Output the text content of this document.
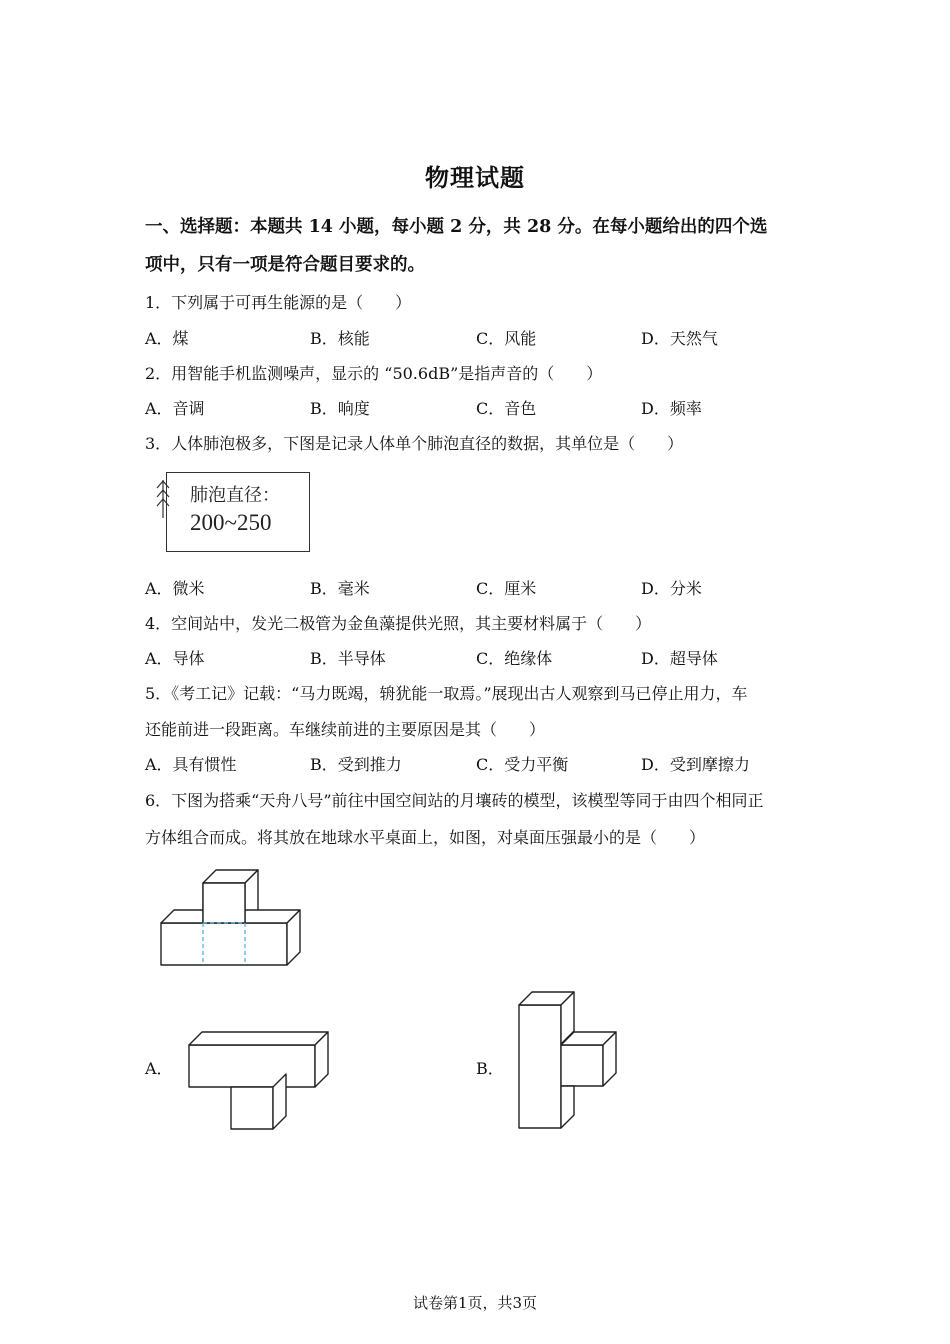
物理试题
一、选择题：本题共 14 小题，每小题 2 分，共 28 分。在每小题给出的四个选
项中，只有一项是符合题目要求的。
1．下列属于可再生能源的是（　　）
A．煤	B．核能	C．风能	D．天然气
2．用智能手机监测噪声，显示的 “50.6dB”是指声音的（　　）
A．音调	B．响度	C．音色	D．频率
3．人体肺泡极多，下图是记录人体单个肺泡直径的数据，其单位是（　　）
肺泡直径：
200~250
A．微米	B．毫米	C．厘米	D．分米
4．空间站中，发光二极管为金鱼藻提供光照，其主要材料属于（　　）
A．导体	B．半导体	C．绝缘体	D．超导体
5．《考工记》记载：“马力既竭，辀犹能一取焉。”展现出古人观察到马已停止用力，车
还能前进一段距离。车继续前进的主要原因是其（　　）
A．具有惯性	B．受到推力	C．受力平衡	D．受到摩擦力
6．下图为搭乘“天舟八号”前往中国空间站的月壤砖的模型，该模型等同于由四个相同正
方体组合而成。将其放在地球水平桌面上，如图，对桌面压强最小的是（　　）
A．	B．
试卷第1页，共3页
